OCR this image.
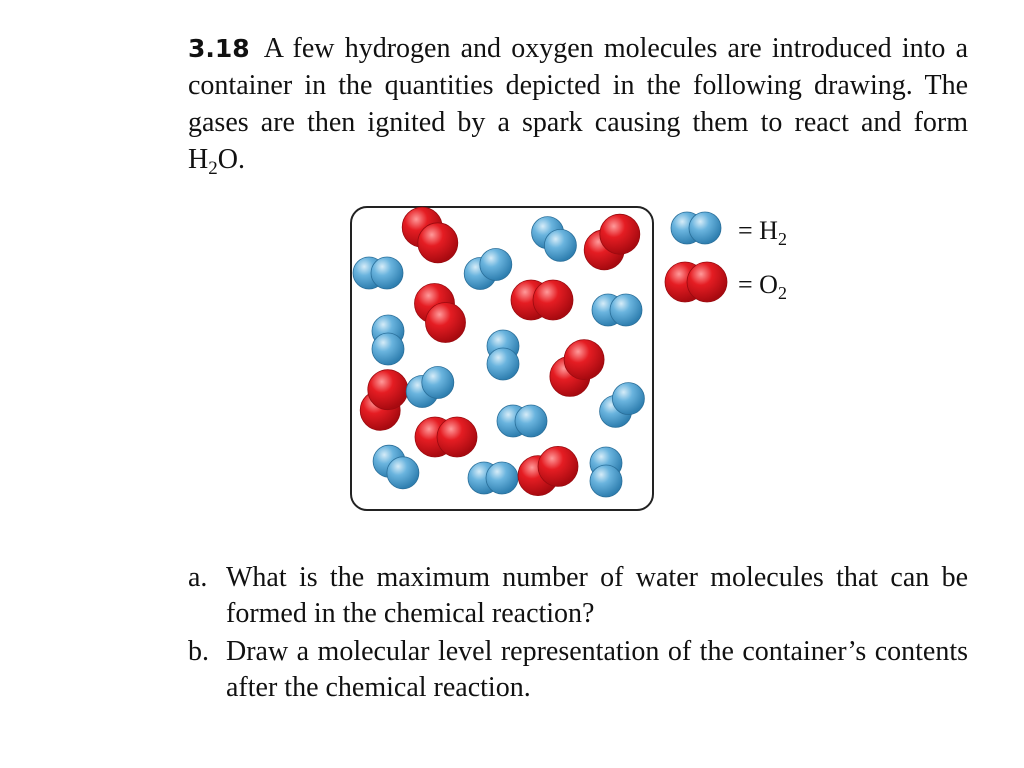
3.18 A few hydrogen and oxygen molecules are introduced into a container in the quantities depicted in the following drawing. The gases are then ignited by a spark causing them to react and form $H_2O$.
= $H_2$
= $O_2$
a. What is the maximum number of water molecules that can be formed in the chemical reaction?
b. Draw a molecular level representation of the container’s contents after the chemical reaction.
